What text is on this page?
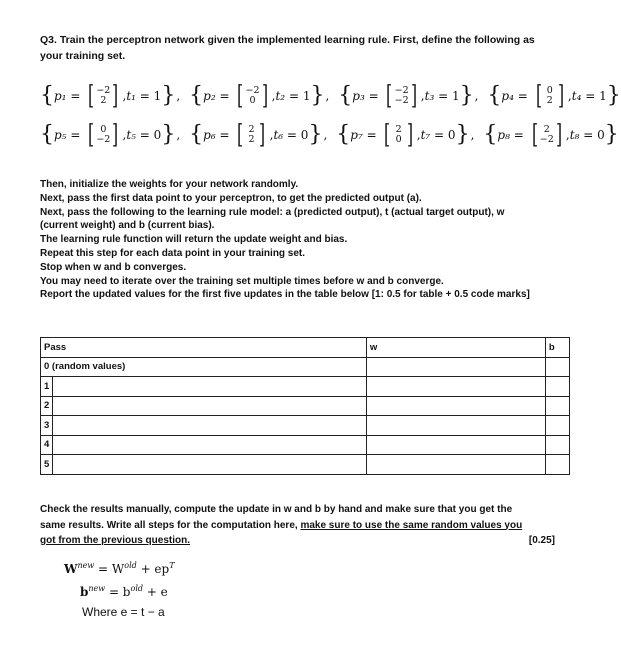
Q3. Train the perceptron network given the implemented learning rule. First, define the following as
your training set.
{ p₁ = [ −2
2 ] , t₁ = 1 } , { p₂ = [ −2
0 ] , t₂ = 1 } , { p₃ = [ −2
−2 ] , t₃ = 1 } , { p₄ = [ 0
2 ] , t₄ = 1 }
{ p₅ = [ 0
−2 ] , t₅ = 0 } , { p₆ = [ 2
2 ] , t₆ = 0 } , { p₇ = [ 2
0 ] , t₇ = 0 } , { p₈ = [ 2
−2 ] , t₈ = 0 }
Then, initialize the weights for your network randomly.
Next, pass the first data point to your perceptron, to get the predicted output (a).
Next, pass the following to the learning rule model: a (predicted output), t (actual target output), w
(current weight) and b (current bias).
The learning rule function will return the update weight and bias.
Repeat this step for each data point in your training set.
Stop when w and b converges.
You may need to iterate over the training set multiple times before w and b converge.
Report the updated values for the first five updates in the table below [1: 0.5 for table + 0.5 code marks]
Pass		w	b
0 (random values)			
1			
2			
3			
4			
5			
Check the results manually, compute the update in w and b by hand and make sure that you get the
same results. Write all steps for the computation here, make sure to use the same random values you
got from the previous question.	[0.25]
$W^{new} = W^{old} + ep^T$
$b^{new} = b^{old} + e$
Where e = t − a
